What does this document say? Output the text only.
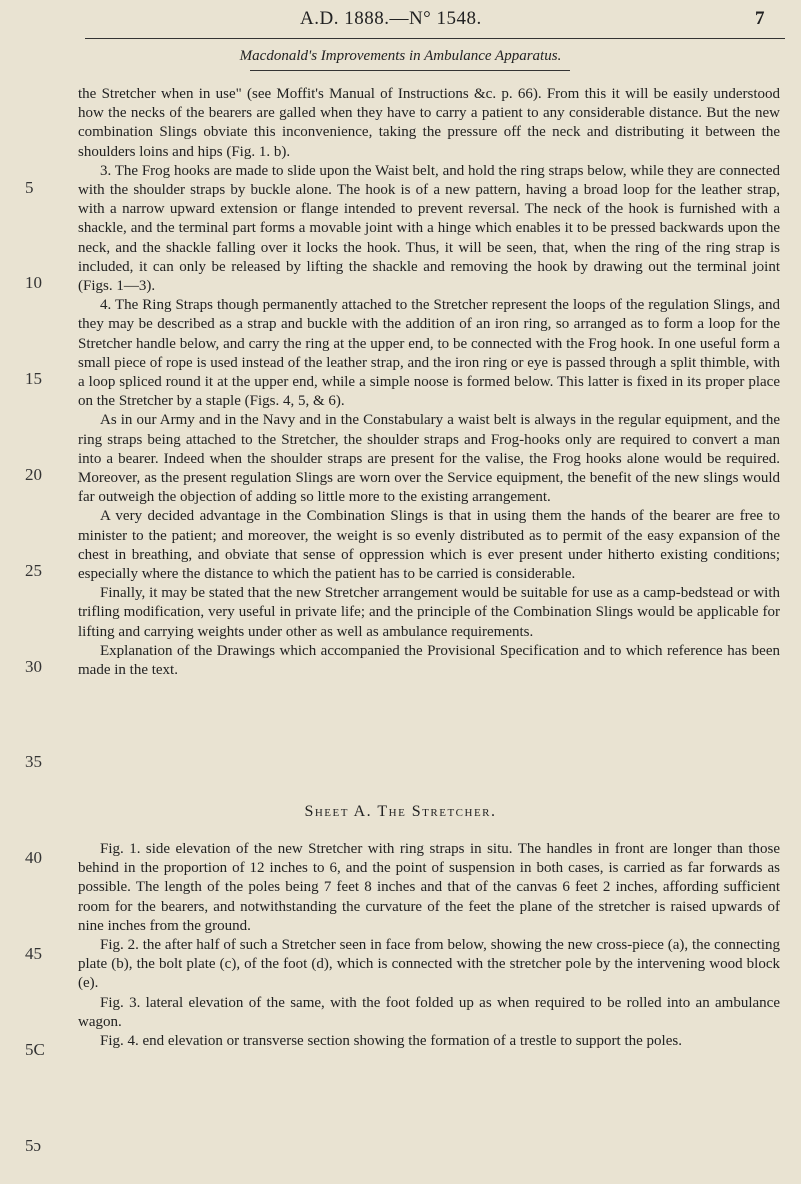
A.D. 1888.—N° 1548.	7
Macdonald's Improvements in Ambulance Apparatus.

the Stretcher when in use" (see Moffit's Manual of Instructions &c. p. 66). From this it will be easily understood how the necks of the bearers are galled when they have to carry a patient to any considerable distance. But the new combination Slings obviate this inconvenience, taking the pressure off the neck and distributing it between the shoulders loins and hips (Fig. 1. b).

3. The Frog hooks are made to slide upon the Waist belt, and hold the ring straps below, while they are connected with the shoulder straps by buckle alone. The hook is of a new pattern, having a broad loop for the leather strap, with a narrow upward extension or flange intended to prevent reversal. The neck of the hook is furnished with a shackle, and the terminal part forms a movable joint with a hinge which enables it to be pressed backwards upon the neck, and the shackle falling over it locks the hook. Thus, it will be seen, that, when the ring of the ring strap is included, it can only be released by lifting the shackle and removing the hook by drawing out the terminal joint (Figs. 1—3).

4. The Ring Straps though permanently attached to the Stretcher represent the loops of the regulation Slings, and they may be described as a strap and buckle with the addition of an iron ring, so arranged as to form a loop for the Stretcher handle below, and carry the ring at the upper end, to be connected with the Frog hook. In one useful form a small piece of rope is used instead of the leather strap, and the iron ring or eye is passed through a split thimble, with a loop spliced round it at the upper end, while a simple noose is formed below. This latter is fixed in its proper place on the Stretcher by a staple (Figs. 4, 5, & 6).

As in our Army and in the Navy and in the Constabulary a waist belt is always in the regular equipment, and the ring straps being attached to the Stretcher, the shoulder straps and Frog-hooks only are required to convert a man into a bearer. Indeed when the shoulder straps are present for the valise, the Frog hooks alone would be required. Moreover, as the present regulation Slings are worn over the Service equipment, the benefit of the new slings would far outweigh the objection of adding so little more to the existing arrangement.

A very decided advantage in the Combination Slings is that in using them the hands of the bearer are free to minister to the patient; and moreover, the weight is so evenly distributed as to permit of the easy expansion of the chest in breathing, and obviate that sense of oppression which is ever present under hitherto existing conditions; especially where the distance to which the patient has to be carried is considerable.

Finally, it may be stated that the new Stretcher arrangement would be suitable for use as a camp-bedstead or with trifling modification, very useful in private life; and the principle of the Combination Slings would be applicable for lifting and carrying weights under other as well as ambulance requirements.

Explanation of the Drawings which accompanied the Provisional Specification and to which reference has been made in the text.

Sheet A. The Stretcher.

Fig. 1. side elevation of the new Stretcher with ring straps in situ. The handles in front are longer than those behind in the proportion of 12 inches to 6, and the point of suspension in both cases, is carried as far forwards as possible. The length of the poles being 7 feet 8 inches and that of the canvas 6 feet 2 inches, affording sufficient room for the bearers, and notwithstanding the curvature of the feet the plane of the stretcher is raised upwards of nine inches from the ground.

Fig. 2. the after half of such a Stretcher seen in face from below, showing the new cross-piece (a), the connecting plate (b), the bolt plate (c), of the foot (d), which is connected with the stretcher pole by the intervening wood block (e).

Fig. 3. lateral elevation of the same, with the foot folded up as when required to be rolled into an ambulance wagon.

Fig. 4. end elevation or transverse section showing the formation of a trestle to support the poles.

5
10
15
20
25
30
35
40
45
5C
5ɔ
